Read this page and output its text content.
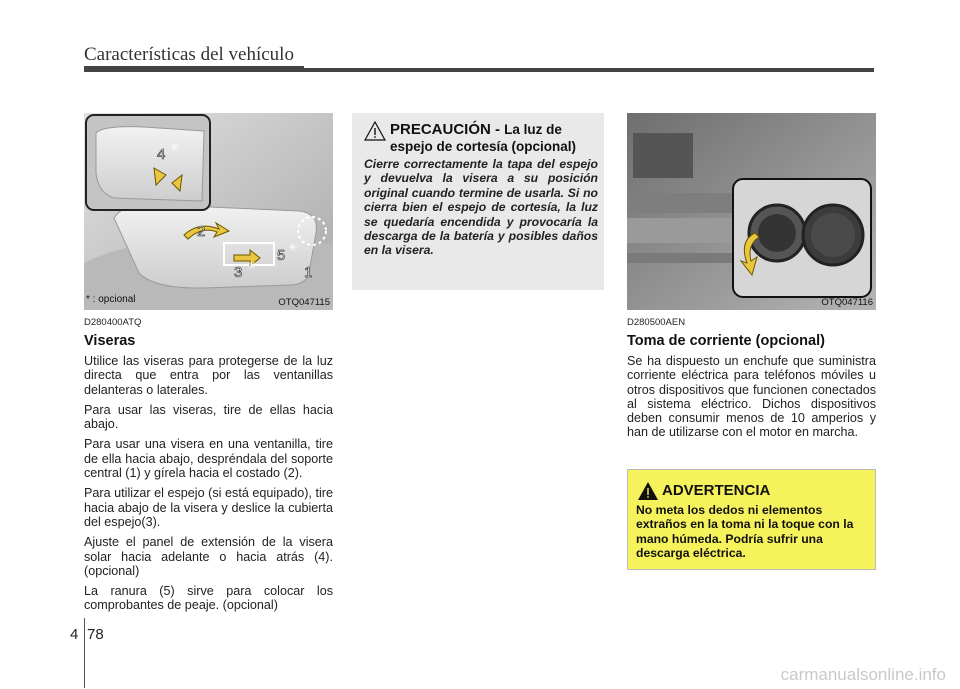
Características del vehículo
4
2
3
5
1
✳
✳
✳
* : opcional	OTQ047115
D280400ATQ
Viseras

Utilice las viseras para protegerse de la luz directa que entra por las ventanillas delanteras o laterales.

Para usar las viseras, tire de ellas hacia abajo.

Para usar una visera en una ventanilla, tire de ella hacia abajo, despréndala del soporte central (1) y gírela hacia el costado (2).

Para utilizar el espejo (si está equipado), tire hacia abajo de la visera y deslice la cubierta del espejo(3).

Ajuste el panel de extensión de la visera solar hacia adelante o hacia atrás (4). (opcional)

La ranura (5) sirve para colocar los comprobantes de peaje. (opcional)

PRECAUCIÓN - La luz de espejo de cortesía (opcional)
Cierre correctamente la tapa del espejo y devuelva la visera a su posición original cuando termine de usarla. Si no cierra bien el espejo de cortesía, la luz se quedaría encendida y provocaría la descarga de la batería y posibles daños en la visera.
OTQ047116
D280500AEN
Toma de corriente (opcional)

Se ha dispuesto un enchufe que suministra corriente eléctrica para teléfonos móviles u otros dispositivos que funcionen conectados al sistema eléctrico. Dichos dispositivos deben consumir menos de 10 amperios y han de utilizarse con el motor en marcha.

ADVERTENCIA
No meta los dedos ni elementos extraños en la toma ni la toque con la mano húmeda. Podría sufrir una descarga eléctrica.
4 78
carmanualsonline.info
